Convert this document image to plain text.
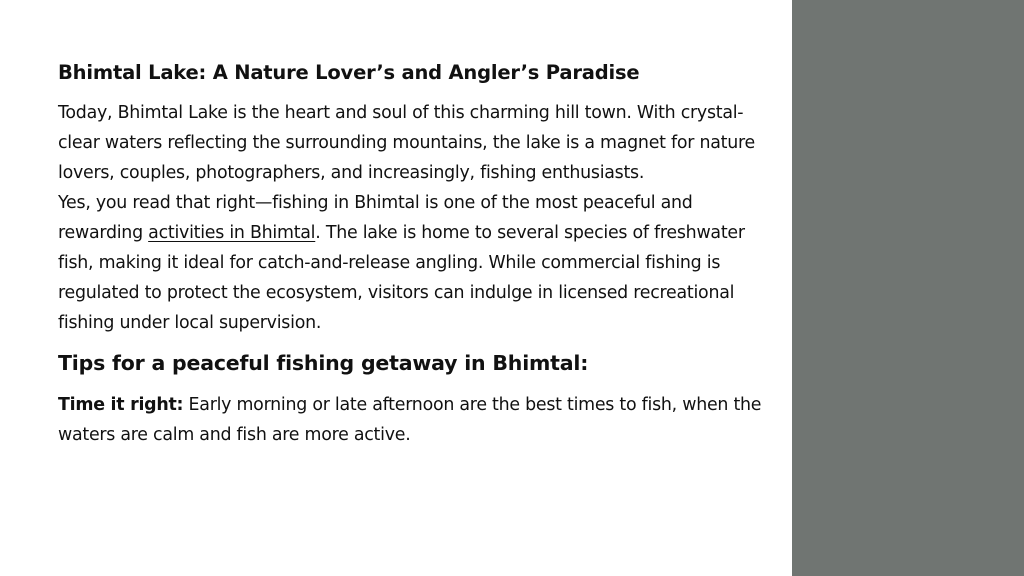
Bhimtal Lake: A Nature Lover’s and Angler’s Paradise

Today, Bhimtal Lake is the heart and soul of this charming hill town. With crystal-clear waters reflecting the surrounding mountains, the lake is a magnet for nature lovers, couples, photographers, and increasingly, fishing enthusiasts.

Yes, you read that right—fishing in Bhimtal is one of the most peaceful and rewarding activities in Bhimtal. The lake is home to several species of freshwater fish, making it ideal for catch-and-release angling. While commercial fishing is regulated to protect the ecosystem, visitors can indulge in licensed recreational fishing under local supervision.

Tips for a peaceful fishing getaway in Bhimtal:

Time it right: Early morning or late afternoon are the best times to fish, when the waters are calm and fish are more active.
